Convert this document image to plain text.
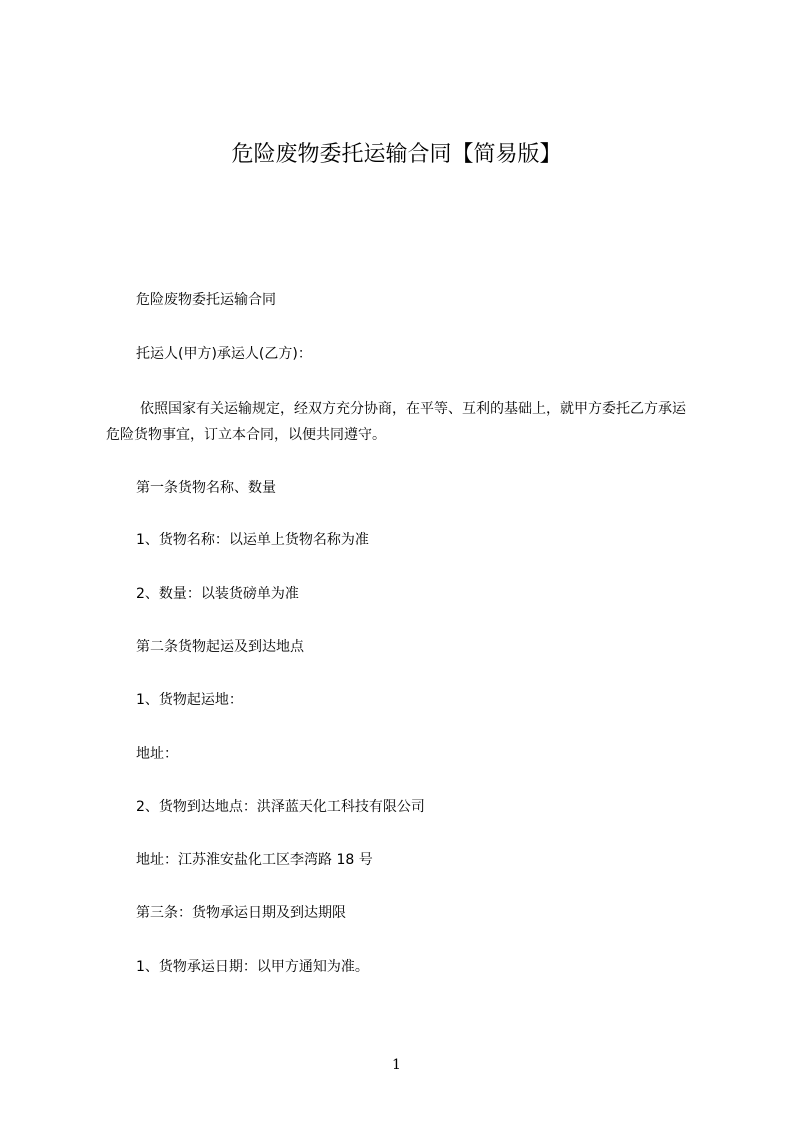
危险废物委托运输合同【简易版】

危险废物委托运输合同

托运人(甲方)承运人(乙方)：

依照国家有关运输规定，经双方充分协商，在平等、互利的基础上，就甲方委托乙方承运危险货物事宜，订立本合同，以便共同遵守。

第一条货物名称、数量

1、货物名称：以运单上货物名称为准

2、数量：以装货磅单为准

第二条货物起运及到达地点

1、货物起运地：

地址：

2、货物到达地点：洪泽蓝天化工科技有限公司

地址：江苏淮安盐化工区李湾路 18 号

第三条：货物承运日期及到达期限

1、货物承运日期：以甲方通知为准。

1
